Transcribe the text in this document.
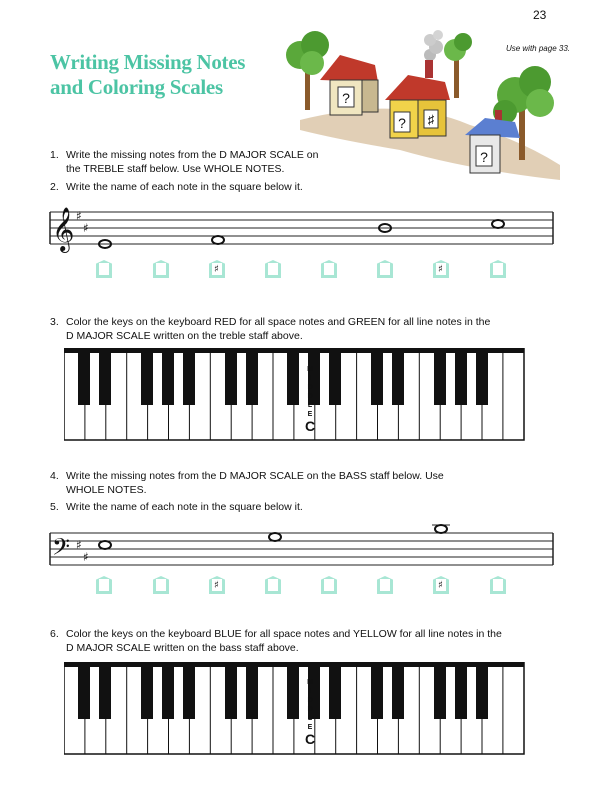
Writing Missing Notes
and Coloring Scales
23
Use with page 33.
?
? ♯
?
1. Write the missing notes from the D MAJOR SCALE on the TREBLE staff below. Use WHOLE NOTES.
2. Write the name of each note in the square below it.
𝄞 ♯
♯
♯	♯
3. Color the keys on the keyboard RED for all space notes and GREEN for all line notes in the D MAJOR SCALE written on the treble staff above.
M
I
D
D
L
E
C
4. Write the missing notes from the D MAJOR SCALE on the BASS staff below. Use WHOLE NOTES.
5. Write the name of each note in the square below it.
𝄢 ♯
♯
♯	♯
6. Color the keys on the keyboard BLUE for all space notes and YELLOW for all line notes in the D MAJOR SCALE written on the bass staff above.
M
I
D
D
L
E
C
